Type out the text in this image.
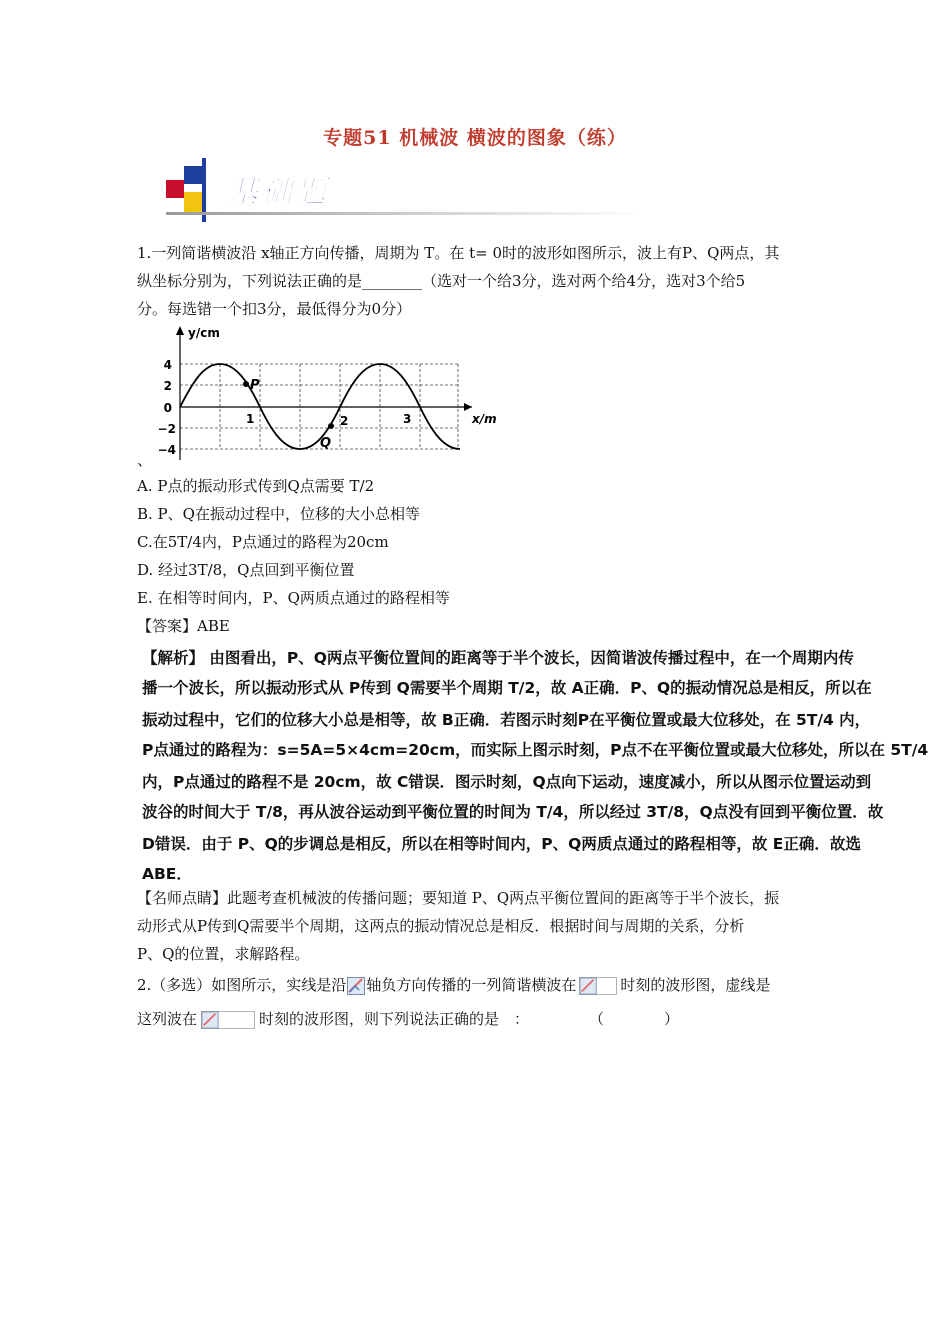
专题51 机械波 横波的图象（练）
基础题
1.一列简谐横波沿 x轴正方向传播，周期为 T。在 t= 0时的波形如图所示，波上有P、Q两点，其
纵坐标分别为，下列说法正确的是________（选对一个给3分，选对两个给4分，选对3个给5
分。每选错一个扣3分，最低得分为0分）
P
Q
y/cm
x/m
4
2
0
−2
−4
1	2	3
、
A. P点的振动形式传到Q点需要 T/2
B. P、Q在振动过程中，位移的大小总相等
C.在5T/4内，P点通过的路程为20cm
D. 经过3T/8，Q点回到平衡位置
E. 在相等时间内，P、Q两质点通过的路程相等
【答案】ABE
【解析】 由图看出，P、Q两点平衡位置间的距离等于半个波长，因简谐波传播过程中，在一个周期内传
播一个波长，所以振动形式从 P传到 Q需要半个周期 T/2，故 A正确．P、Q的振动情况总是相反，所以在
振动过程中，它们的位移大小总是相等，故 B正确．若图示时刻P在平衡位置或最大位移处，在 5T/4 内，
P点通过的路程为：s=5A=5×4cm=20cm，而实际上图示时刻，P点不在平衡位置或最大位移处，所以在 5T/4
内，P点通过的路程不是 20cm，故 C错误．图示时刻，Q点向下运动，速度减小，所以从图示位置运动到
波谷的时间大于 T/8，再从波谷运动到平衡位置的时间为 T/4，所以经过 3T/8，Q点没有回到平衡位置．故
D错误．由于 P、Q的步调总是相反，所以在相等时间内，P、Q两质点通过的路程相等，故 E正确．故选
ABE．
【名师点睛】此题考查机械波的传播问题；要知道 P、Q两点平衡位置间的距离等于半个波长，振
动形式从P传到Q需要半个周期，这两点的振动情况总是相反．根据时间与周期的关系，分析
P、Q的位置，求解路程。
2.（多选）如图所示，实线是沿 轴负方向传播的一列简谐横波在	时刻的波形图，虚线是
这列波在	时刻的波形图，则下列说法正确的是　：　　　　　（　　　　）
